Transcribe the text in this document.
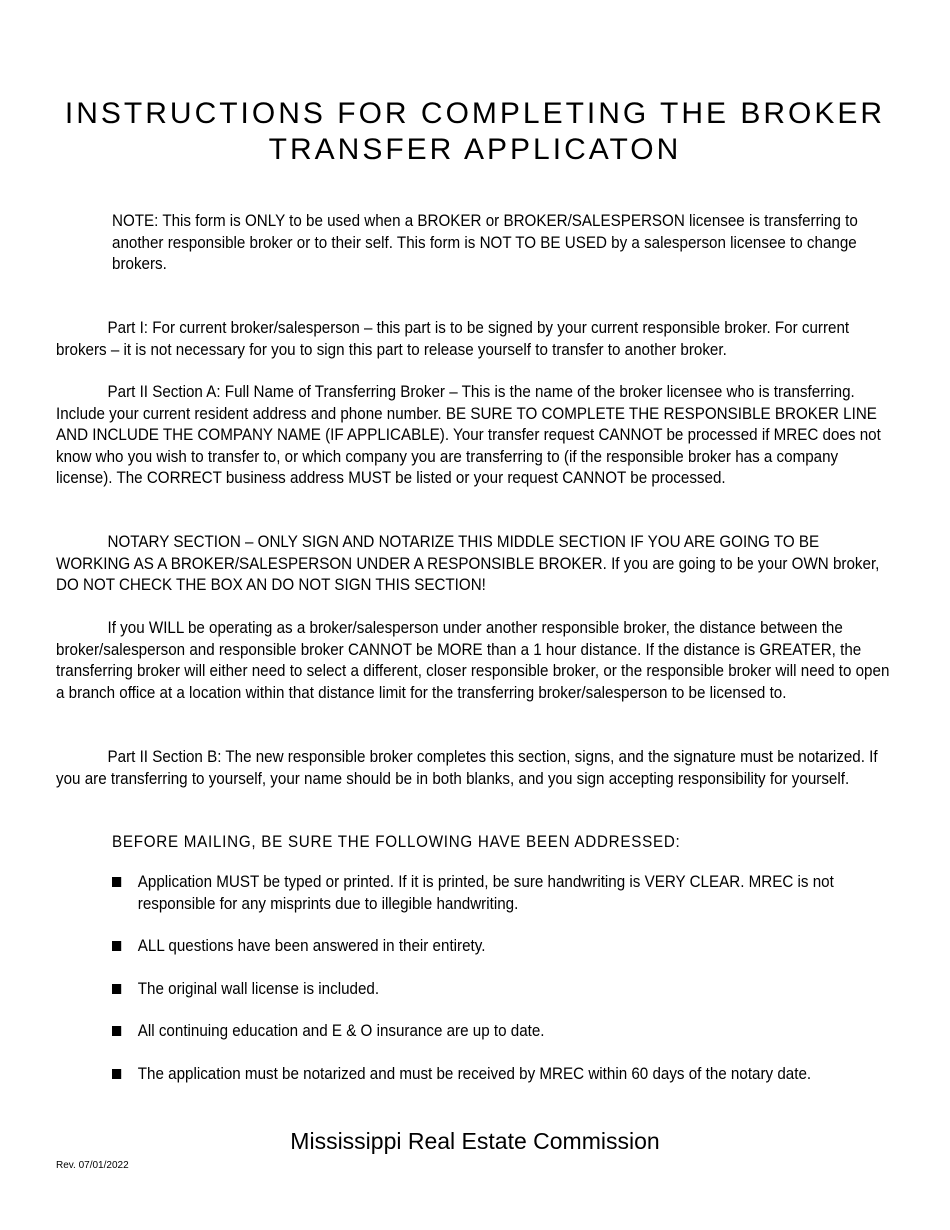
INSTRUCTIONS FOR COMPLETING THE BROKER
TRANSFER APPLICATON

NOTE: This form is ONLY to be used when a BROKER or BROKER/SALESPERSON licensee is transferring to another responsible broker or to their self. This form is NOT TO BE USED by a salesperson licensee to change brokers.

Part I: For current broker/salesperson – this part is to be signed by your current responsible broker. For current brokers – it is not necessary for you to sign this part to release yourself to transfer to another broker.

Part II Section A: Full Name of Transferring Broker – This is the name of the broker licensee who is transferring. Include your current resident address and phone number. BE SURE TO COMPLETE THE RESPONSIBLE BROKER LINE AND INCLUDE THE COMPANY NAME (IF APPLICABLE). Your transfer request CANNOT be processed if MREC does not know who you wish to transfer to, or which company you are transferring to (if the responsible broker has a company license). The CORRECT business address MUST be listed or your request CANNOT be processed.

NOTARY SECTION – ONLY SIGN AND NOTARIZE THIS MIDDLE SECTION IF YOU ARE GOING TO BE WORKING AS A BROKER/SALESPERSON UNDER A RESPONSIBLE BROKER. If you are going to be your OWN broker, DO NOT CHECK THE BOX AN DO NOT SIGN THIS SECTION!

If you WILL be operating as a broker/salesperson under another responsible broker, the distance between the broker/salesperson and responsible broker CANNOT be MORE than a 1 hour distance. If the distance is GREATER, the transferring broker will either need to select a different, closer responsible broker, or the responsible broker will need to open a branch office at a location within that distance limit for the transferring broker/salesperson to be licensed to.

Part II Section B: The new responsible broker completes this section, signs, and the signature must be notarized. If you are transferring to yourself, your name should be in both blanks, and you sign accepting responsibility for yourself.

BEFORE MAILING, BE SURE THE FOLLOWING HAVE BEEN ADDRESSED:

Application MUST be typed or printed. If it is printed, be sure handwriting is VERY CLEAR. MREC is not responsible for any misprints due to illegible handwriting.
ALL questions have been answered in their entirety.
The original wall license is included.
All continuing education and E & O insurance are up to date.
The application must be notarized and must be received by MREC within 60 days of the notary date.

Mississippi Real Estate Commission

Rev. 07/01/2022
